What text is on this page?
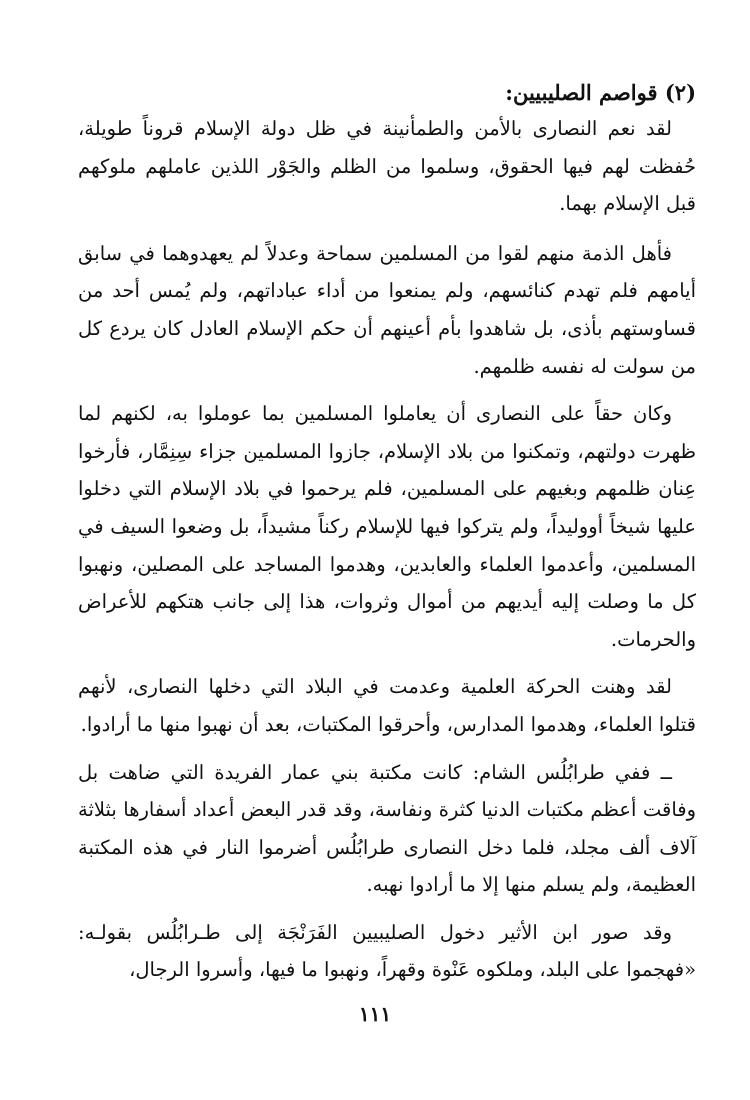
(٢) قواصم الصليبيين:

لقد نعم النصارى بالأمن والطمأنينة في ظل دولة الإسلام قروناً طويلة، حُفظت لهم فيها الحقوق، وسلموا من الظلم والجَوْر اللذين عاملهم ملوكهم قبل الإسلام بهما.

فأهل الذمة منهم لقوا من المسلمين سماحة وعدلاً لم يعهدوهما في سابق أيامهم فلم تهدم كنائسهم، ولم يمنعوا من أداء عباداتهم، ولم يُمس أحد من قساوستهم بأذى، بل شاهدوا بأم أعينهم أن حكم الإسلام العادل كان يردع كل من سولت له نفسه ظلمهم.

وكان حقاً على النصارى أن يعاملوا المسلمين بما عوملوا به، لكنهم لما ظهرت دولتهم، وتمكنوا من بلاد الإسلام، جازوا المسلمين جزاء سِنِمَّار، فأرخوا عِنان ظلمهم وبغيهم على المسلمين، فلم يرحموا في بلاد الإسلام التي دخلوا عليها شيخاً أووليداً، ولم يتركوا فيها للإسلام ركناً مشيداً، بل وضعوا السيف في المسلمين، وأعدموا العلماء والعابدين، وهدموا المساجد على المصلين، ونهبوا كل ما وصلت إليه أيديهم من أموال وثروات، هذا إلى جانب هتكهم للأعراض والحرمات.

لقد وهنت الحركة العلمية وعدمت في البلاد التي دخلها النصارى، لأنهم قتلوا العلماء، وهدموا المدارس، وأحرقوا المكتبات، بعد أن نهبوا منها ما أرادوا.

ــ ففي طرابُلُس الشام: كانت مكتبة بني عمار الفريدة التي ضاهت بل وفاقت أعظم مكتبات الدنيا كثرة ونفاسة، وقد قدر البعض أعداد أسفارها بثلاثة آلاف ألف مجلد، فلما دخل النصارى طرابُلُس أضرموا النار في هذه المكتبة العظيمة، ولم يسلم منها إلا ما أرادوا نهبه.

وقد صور ابن الأثير دخول الصليبيين الفَرَنْجَة إلى طـرابُلُس بقولـه: «فهجموا على البلد، وملكوه عَنْوة وقهراً، ونهبوا ما فيها، وأسروا الرجال،

١١١
